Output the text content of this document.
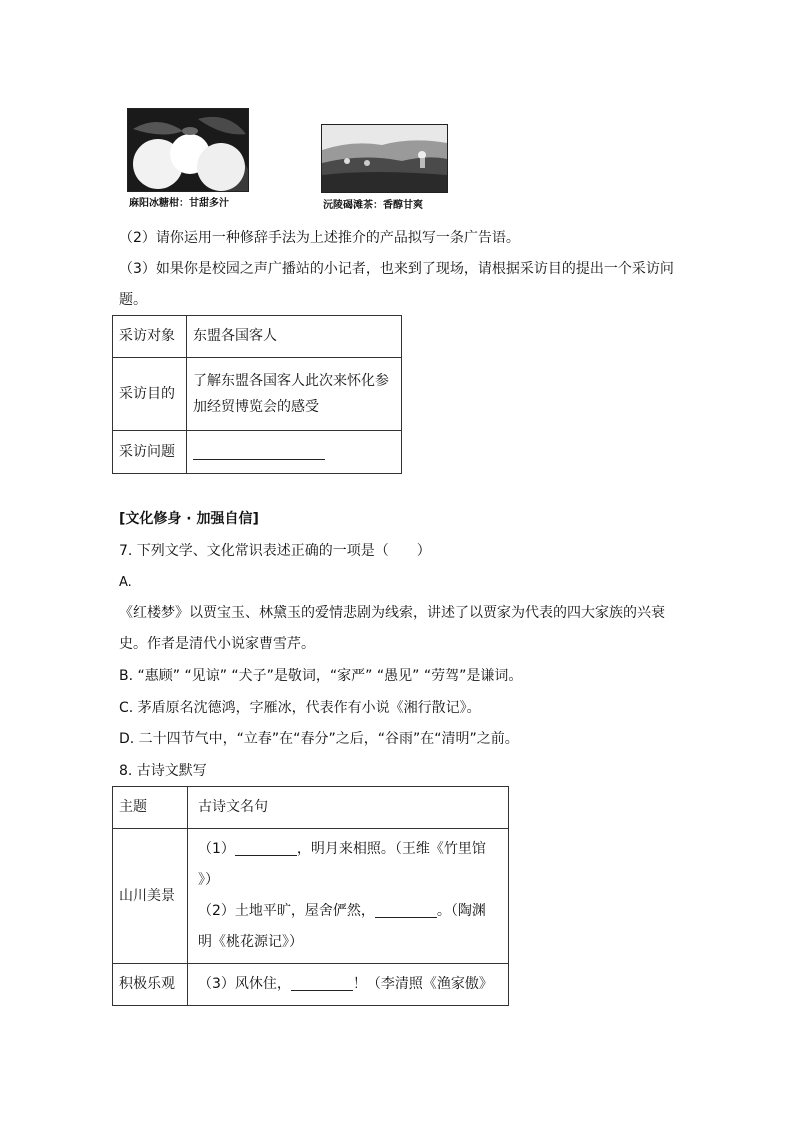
麻阳冰糖柑：甘甜多汁	沅陵碣滩茶：香醇甘爽
（2）请你运用一种修辞手法为上述推介的产品拟写一条广告语。
（3）如果你是校园之声广播站的小记者，也来到了现场，请根据采访目的提出一个采访问
题。
采访对象	东盟各国客人
采访目的	了解东盟各国客人此次来怀化参
加经贸博览会的感受

采访问题	
[文化修身 · 加强自信]
7. 下列文学、文化常识表述正确的一项是（　　）
A.
《红楼梦》以贾宝玉、林黛玉的爱情悲剧为线索，讲述了以贾家为代表的四大家族的兴衰
史。作者是清代小说家曹雪芹。
B. “惠顾” “见谅” “犬子”是敬词，“家严” “愚见” “劳驾”是谦词。
C. 茅盾原名沈德鸿，字雁冰，代表作有小说《湘行散记》。
D. 二十四节气中，“立春”在“春分”之后，“谷雨”在“清明”之前。
8. 古诗文默写
主题	古诗文名句
山川美景	（1） ，明月来相照。（王维《竹里馆
》）
（2）土地平旷，屋舍俨然， 。（陶渊
明《桃花源记》）

积极乐观	（3）风休住， ！（李清照《渔家傲》
